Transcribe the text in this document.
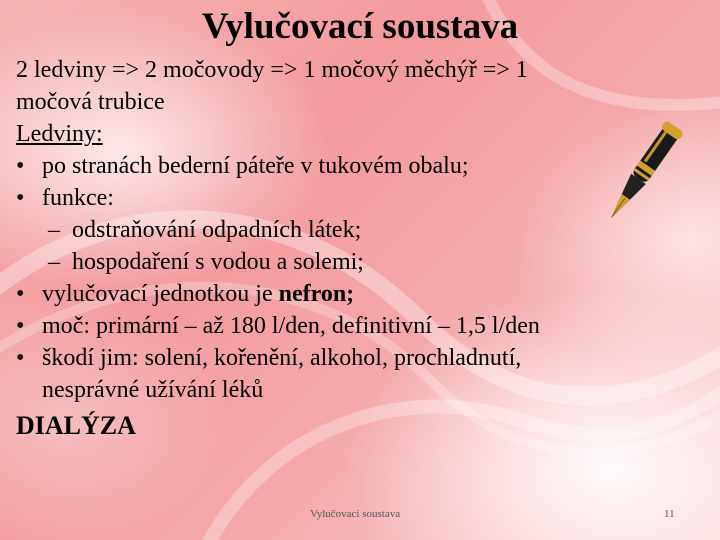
Vylučovací soustava
2 ledviny => 2 močovody => 1 močový měchýř => 1
močová trubice
Ledviny:
• po stranách bederní páteře v tukovém obalu;
• funkce:
– odstraňování odpadních látek;
– hospodaření s vodou a solemi;
• vylučovací jednotkou je nefron;
• moč: primární – až 180 l/den, definitivní – 1,5 l/den
• škodí jim: solení, kořenění, alkohol, prochladnutí,
nesprávné užívání léků
DIALÝZA
Vylučovací soustava	11
